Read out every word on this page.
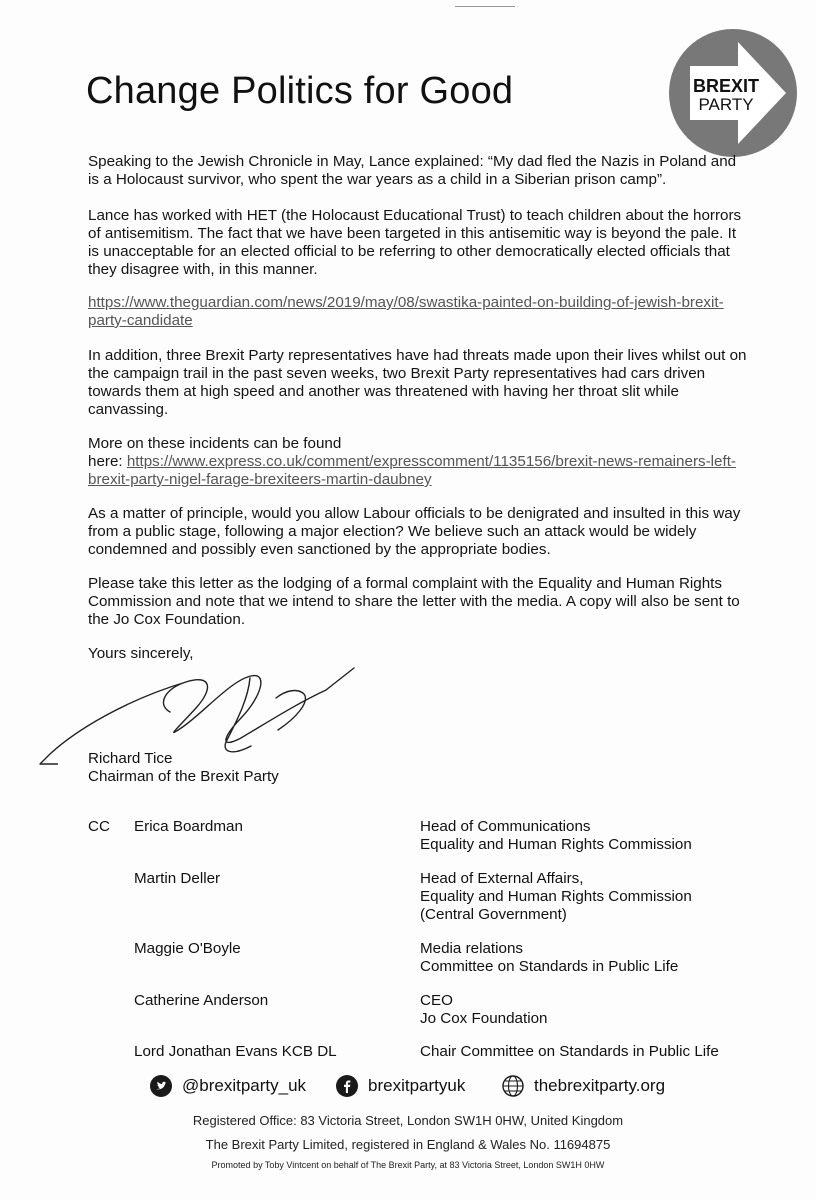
Change Politics for Good	BREXIT
PARTY

Speaking to the Jewish Chronicle in May, Lance explained: “My dad fled the Nazis in Poland and is a Holocaust survivor, who spent the war years as a child in a Siberian prison camp”.

Lance has worked with HET (the Holocaust Educational Trust) to teach children about the horrors of antisemitism. The fact that we have been targeted in this antisemitic way is beyond the pale. It is unacceptable for an elected official to be referring to other democratically elected officials that they disagree with, in this manner.

https://www.theguardian.com/news/2019/may/08/swastika-painted-on-building-of-jewish-brexit-party-candidate

In addition, three Brexit Party representatives have had threats made upon their lives whilst out on the campaign trail in the past seven weeks, two Brexit Party representatives had cars driven towards them at high speed and another was threatened with having her throat slit while canvassing.

More on these incidents can be found

here: https://www.express.co.uk/comment/expresscomment/1135156/brexit-news-remainers-left-brexit-party-nigel-farage-brexiteers-martin-daubney

As a matter of principle, would you allow Labour officials to be denigrated and insulted in this way from a public stage, following a major election? We believe such an attack would be widely condemned and possibly even sanctioned by the appropriate bodies.

Please take this letter as the lodging of a formal complaint with the Equality and Human Rights Commission and note that we intend to share the letter with the media. A copy will also be sent to the Jo Cox Foundation.

Yours sincerely,

Richard Tice
Chairman of the Brexit Party
CC Erica Boardman	Head of Communications
Equality and Human Rights Commission
Martin Deller	Head of External Affairs,
Equality and Human Rights Commission
(Central Government)
Maggie O'Boyle	Media relations
Committee on Standards in Public Life
Catherine Anderson	CEO
Jo Cox Foundation
Lord Jonathan Evans KCB DL	Chair Committee on Standards in Public Life
@brexitparty_uk	brexitpartyuk	thebrexitparty.org
Registered Office: 83 Victoria Street, London SW1H 0HW, United Kingdom
The Brexit Party Limited, registered in England & Wales No. 11694875
Promoted by Toby Vintcent on behalf of The Brexit Party, at 83 Victoria Street, London SW1H 0HW
